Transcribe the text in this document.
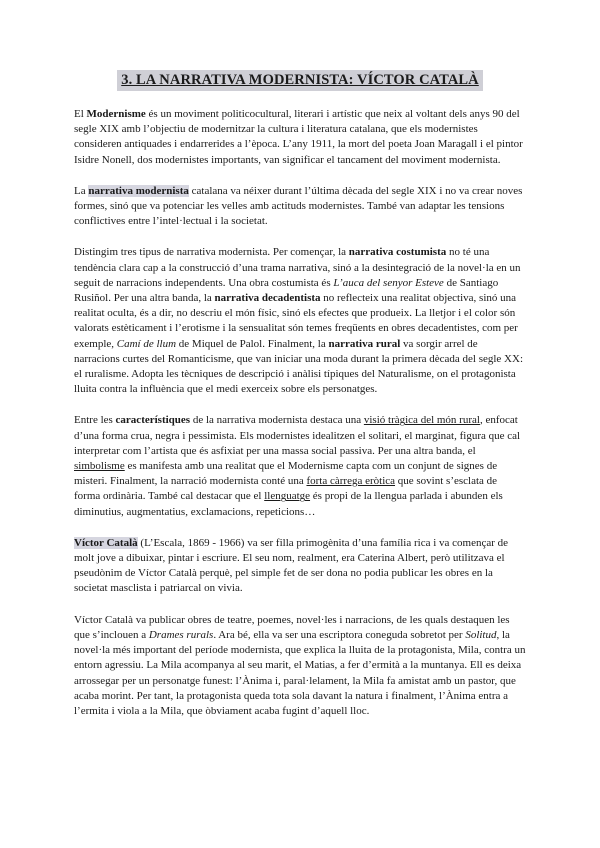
3. LA NARRATIVA MODERNISTA: VÍCTOR CATALÀ

El Modernisme és un moviment politicocultural, literari i artístic que neix al voltant dels anys 90 del segle XIX amb l’objectiu de modernitzar la cultura i literatura catalana, que els modernistes consideren antiquades i endarrerides a l’època. L’any 1911, la mort del poeta Joan Maragall i el pintor Isidre Nonell, dos modernistes importants, van significar el tancament del moviment modernista.

La narrativa modernista catalana va néixer durant l’última dècada del segle XIX i no va crear noves formes, sinó que va potenciar les velles amb actituds modernistes. També van adaptar les tensions conflictives entre l’intel·lectual i la societat.

Distingim tres tipus de narrativa modernista. Per començar, la narrativa costumista no té una tendència clara cap a la construcció d’una trama narrativa, sinó a la desintegració de la novel·la en un seguit de narracions independents. Una obra costumista és L’auca del senyor Esteve de Santiago Rusiñol. Per una altra banda, la narrativa decadentista no reflecteix una realitat objectiva, sinó una realitat oculta, és a dir, no descriu el món físic, sinó els efectes que produeix. La lletjor i el color són valorats estèticament i l’erotisme i la sensualitat són temes freqüents en obres decadentistes, com per exemple, Camí de llum de Miquel de Palol. Finalment, la narrativa rural va sorgir arrel de narracions curtes del Romanticisme, que van iniciar una moda durant la primera dècada del segle XX: el ruralisme. Adopta les tècniques de descripció i anàlisi típiques del Naturalisme, on el protagonista lluita contra la influència que el medi exerceix sobre els personatges.

Entre les característiques de la narrativa modernista destaca una visió tràgica del món rural, enfocat d’una forma crua, negra i pessimista. Els modernistes idealitzen el solitari, el marginat, figura que cal interpretar com l’artista que és asfixiat per una massa social passiva. Per una altra banda, el simbolisme es manifesta amb una realitat que el Modernisme capta com un conjunt de signes de misteri. Finalment, la narració modernista conté una forta càrrega eròtica que sovint s’esclata de forma ordinària. També cal destacar que el llenguatge és propi de la llengua parlada i abunden els diminutius, augmentatius, exclamacions, repeticions…

Víctor Català (L’Escala, 1869 - 1966) va ser filla primogènita d’una família rica i va començar de molt jove a dibuixar, pintar i escriure. El seu nom, realment, era Caterina Albert, però utilitzava el pseudònim de Víctor Català perquè, pel simple fet de ser dona no podia publicar les obres en la societat masclista i patriarcal on vivia.

Víctor Català va publicar obres de teatre, poemes, novel·les i narracions, de les quals destaquen les que s’inclouen a Drames rurals. Ara bé, ella va ser una escriptora coneguda sobretot per Solitud, la novel·la més important del període modernista, que explica la lluita de la protagonista, Mila, contra un entorn agressiu. La Mila acompanya al seu marit, el Matias, a fer d’ermità a la muntanya. Ell es deixa arrossegar per un personatge funest: l’Ànima i, paral·lelament, la Mila fa amistat amb un pastor, que acaba morint. Per tant, la protagonista queda tota sola davant la natura i finalment, l’Ànima entra a l’ermita i viola a la Mila, que òbviament acaba fugint d’aquell lloc.
